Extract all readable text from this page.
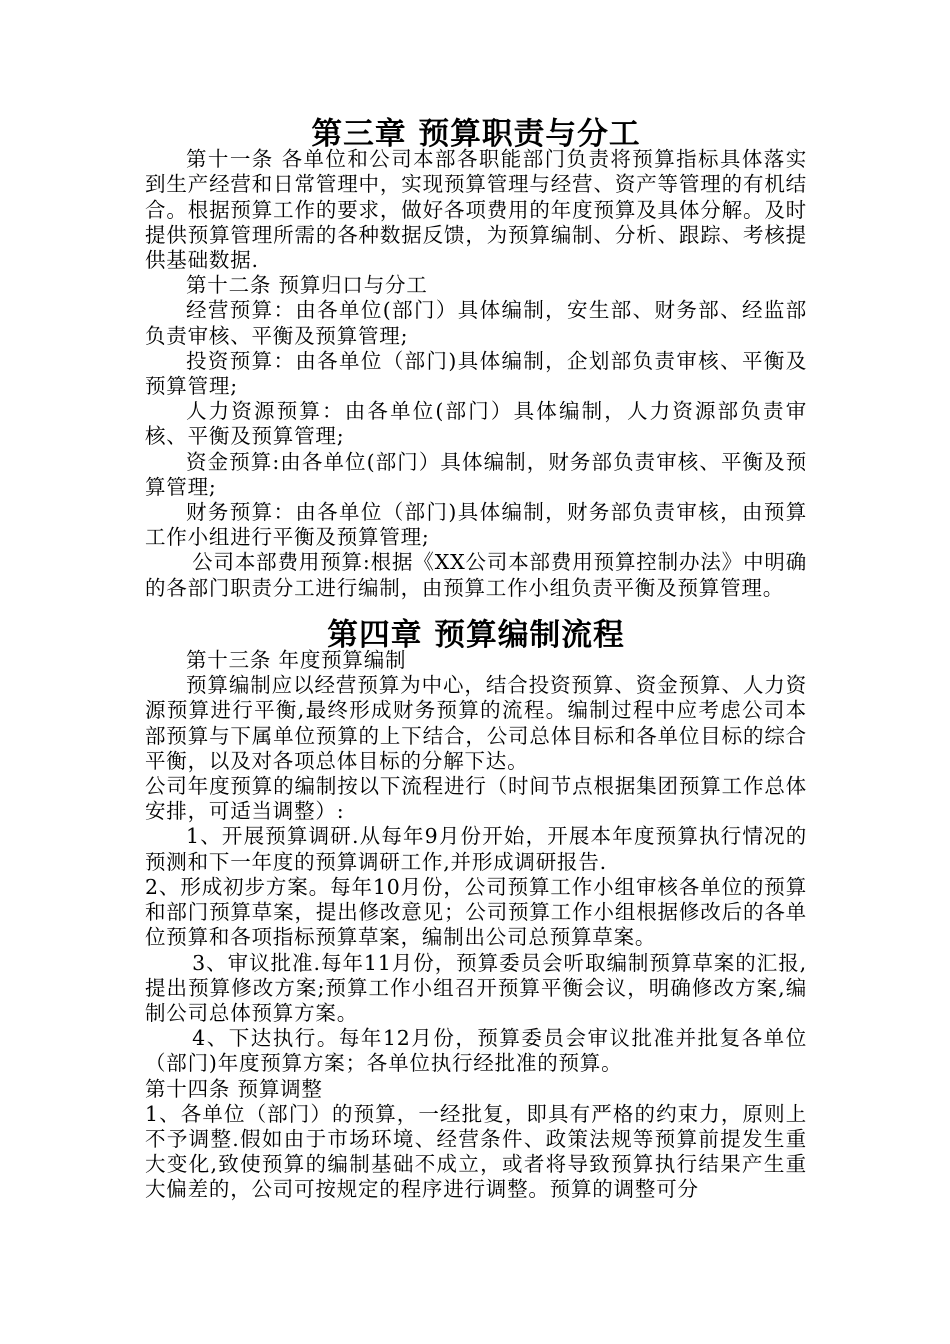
第三章 预算职责与分工

第十一条 各单位和公司本部各职能部门负责将预算指标具体落实到生产经营和日常管理中，实现预算管理与经营、资产等管理的有机结合。根据预算工作的要求，做好各项费用的年度预算及具体分解。及时提供预算管理所需的各种数据反馈，为预算编制、分析、跟踪、考核提供基础数据.

第十二条 预算归口与分工

经营预算：由各单位(部门）具体编制，安生部、财务部、经监部负责审核、平衡及预算管理;

投资预算：由各单位（部门)具体编制，企划部负责审核、平衡及预算管理;

人力资源预算：由各单位(部门）具体编制，人力资源部负责审核、平衡及预算管理;

资金预算:由各单位(部门）具体编制，财务部负责审核、平衡及预算管理;

财务预算：由各单位（部门)具体编制，财务部负责审核，由预算工作小组进行平衡及预算管理;

公司本部费用预算:根据《XX公司本部费用预算控制办法》中明确的各部门职责分工进行编制，由预算工作小组负责平衡及预算管理。

第四章 预算编制流程

第十三条 年度预算编制

预算编制应以经营预算为中心，结合投资预算、资金预算、人力资源预算进行平衡,最终形成财务预算的流程。编制过程中应考虑公司本部预算与下属单位预算的上下结合，公司总体目标和各单位目标的综合平衡，以及对各项总体目标的分解下达。

公司年度预算的编制按以下流程进行（时间节点根据集团预算工作总体安排，可适当调整）:

1、开展预算调研.从每年9月份开始，开展本年度预算执行情况的预测和下一年度的预算调研工作,并形成调研报告.

2、形成初步方案。每年10月份，公司预算工作小组审核各单位的预算和部门预算草案，提出修改意见；公司预算工作小组根据修改后的各单位预算和各项指标预算草案，编制出公司总预算草案。

3、审议批准.每年11月份，预算委员会听取编制预算草案的汇报,提出预算修改方案;预算工作小组召开预算平衡会议，明确修改方案,编制公司总体预算方案。

4、下达执行。每年12月份，预算委员会审议批准并批复各单位（部门)年度预算方案；各单位执行经批准的预算。

第十四条 预算调整

1、各单位（部门）的预算，一经批复，即具有严格的约束力，原则上不予调整.假如由于市场环境、经营条件、政策法规等预算前提发生重大变化,致使预算的编制基础不成立，或者将导致预算执行结果产生重大偏差的，公司可按规定的程序进行调整。预算的调整可分
